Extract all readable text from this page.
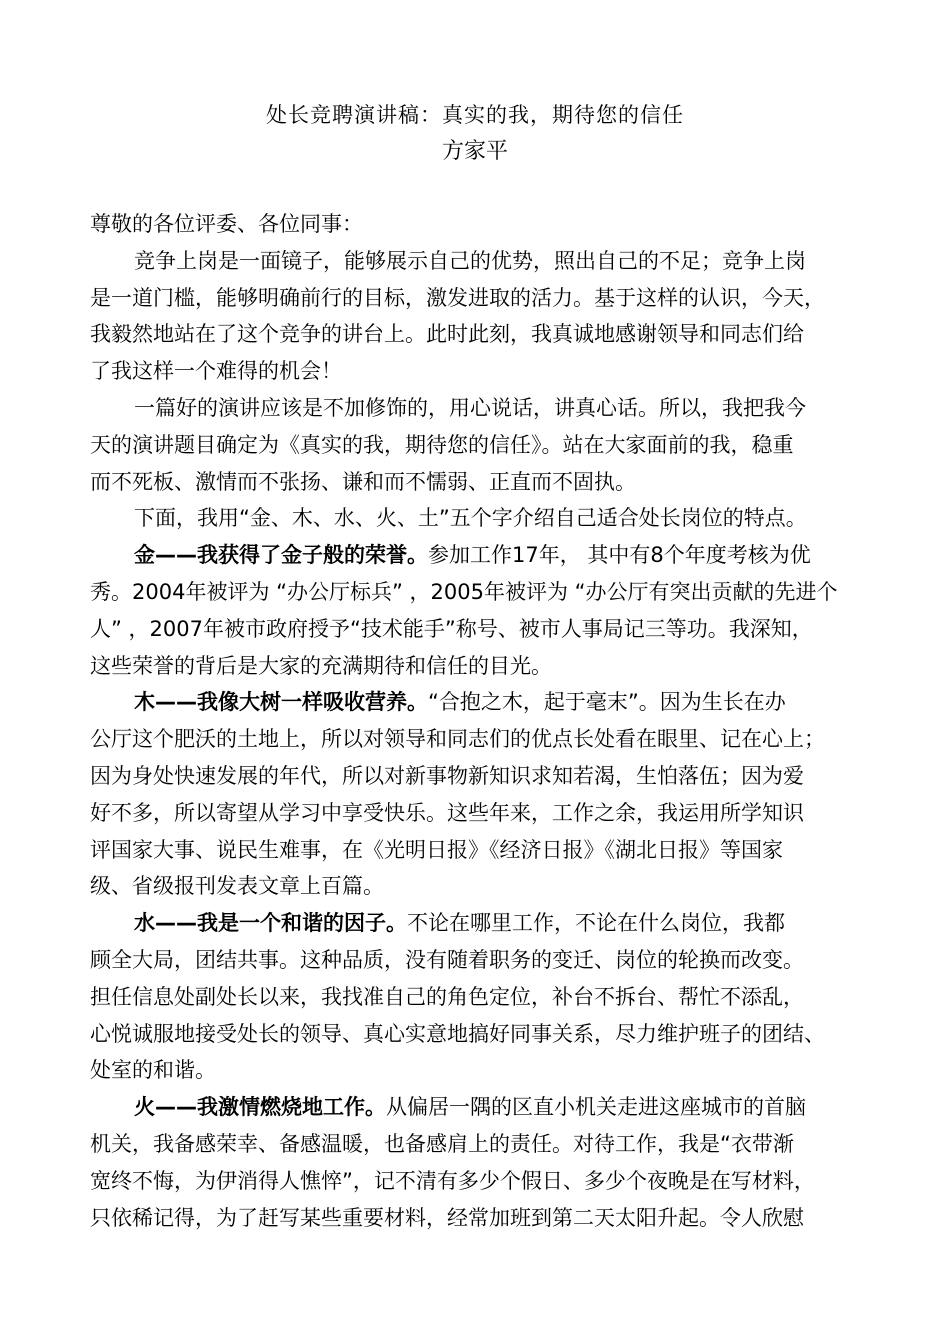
处长竞聘演讲稿：真实的我，期待您的信任
方家平
尊敬的各位评委、各位同事：
竞争上岗是一面镜子，能够展示自己的优势，照出自己的不足；竞争上岗
是一道门槛，能够明确前行的目标，激发进取的活力。基于这样的认识，今天，
我毅然地站在了这个竞争的讲台上。此时此刻，我真诚地感谢领导和同志们给
了我这样一个难得的机会！
一篇好的演讲应该是不加修饰的，用心说话，讲真心话。所以，我把我今
天的演讲题目确定为《真实的我，期待您的信任》。站在大家面前的我，稳重
而不死板、激情而不张扬、谦和而不懦弱、正直而不固执。
下面，我用“金、木、水、火、土”五个字介绍自己适合处长岗位的特点。
金——我获得了金子般的荣誉。参加工作17年， 其中有8个年度考核为优
秀。2004年被评为 “办公厅标兵” ，2005年被评为 “办公厅有突出贡献的先进个
人” ，2007年被市政府授予“技术能手”称号、被市人事局记三等功。我深知，
这些荣誉的背后是大家的充满期待和信任的目光。
木——我像大树一样吸收营养。“合抱之木，起于毫末”。因为生长在办
公厅这个肥沃的土地上，所以对领导和同志们的优点长处看在眼里、记在心上；
因为身处快速发展的年代，所以对新事物新知识求知若渴，生怕落伍；因为爱
好不多，所以寄望从学习中享受快乐。这些年来，工作之余，我运用所学知识
评国家大事、说民生难事，在《光明日报》《经济日报》《湖北日报》等国家
级、省级报刊发表文章上百篇。
水——我是一个和谐的因子。不论在哪里工作，不论在什么岗位，我都
顾全大局，团结共事。这种品质，没有随着职务的变迁、岗位的轮换而改变。
担任信息处副处长以来，我找准自己的角色定位，补台不拆台、帮忙不添乱，
心悦诚服地接受处长的领导、真心实意地搞好同事关系，尽力维护班子的团结、
处室的和谐。
火——我激情燃烧地工作。从偏居一隅的区直小机关走进这座城市的首脑
机关，我备感荣幸、备感温暖，也备感肩上的责任。对待工作，我是“衣带渐
宽终不悔，为伊消得人憔悴”，记不清有多少个假日、多少个夜晚是在写材料，
只依稀记得，为了赶写某些重要材料，经常加班到第二天太阳升起。令人欣慰
